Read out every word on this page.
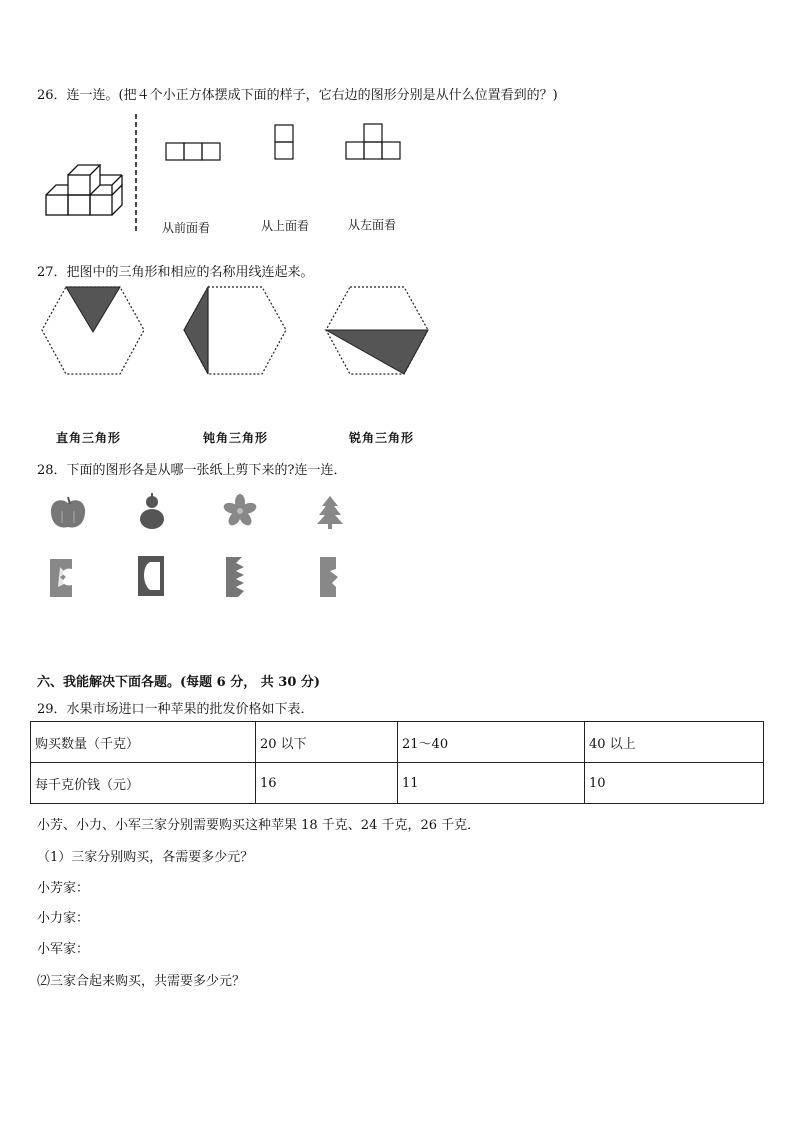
26．连一连。(把４个小正方体摆成下面的样子，它右边的图形分别是从什么位置看到的？)
从前面看	从上面看	从左面看
27．把图中的三角形和相应的名称用线连起来。
直角三角形	钝角三角形	锐角三角形
28．下面的图形各是从哪一张纸上剪下来的?连一连．
六、我能解决下面各题。(每题 6 分， 共 30 分)
29．水果市场进口一种苹果的批发价格如下表．
购买数量（千克）	20 以下	21～40	40 以上
每千克价钱（元）	16	11	10
小芳、小力、小军三家分别需要购买这种苹果 18 千克、24 千克，26 千克．
（1）三家分别购买，各需要多少元？
小芳家：
小力家：
小军家：
⑵三家合起来购买，共需要多少元？
